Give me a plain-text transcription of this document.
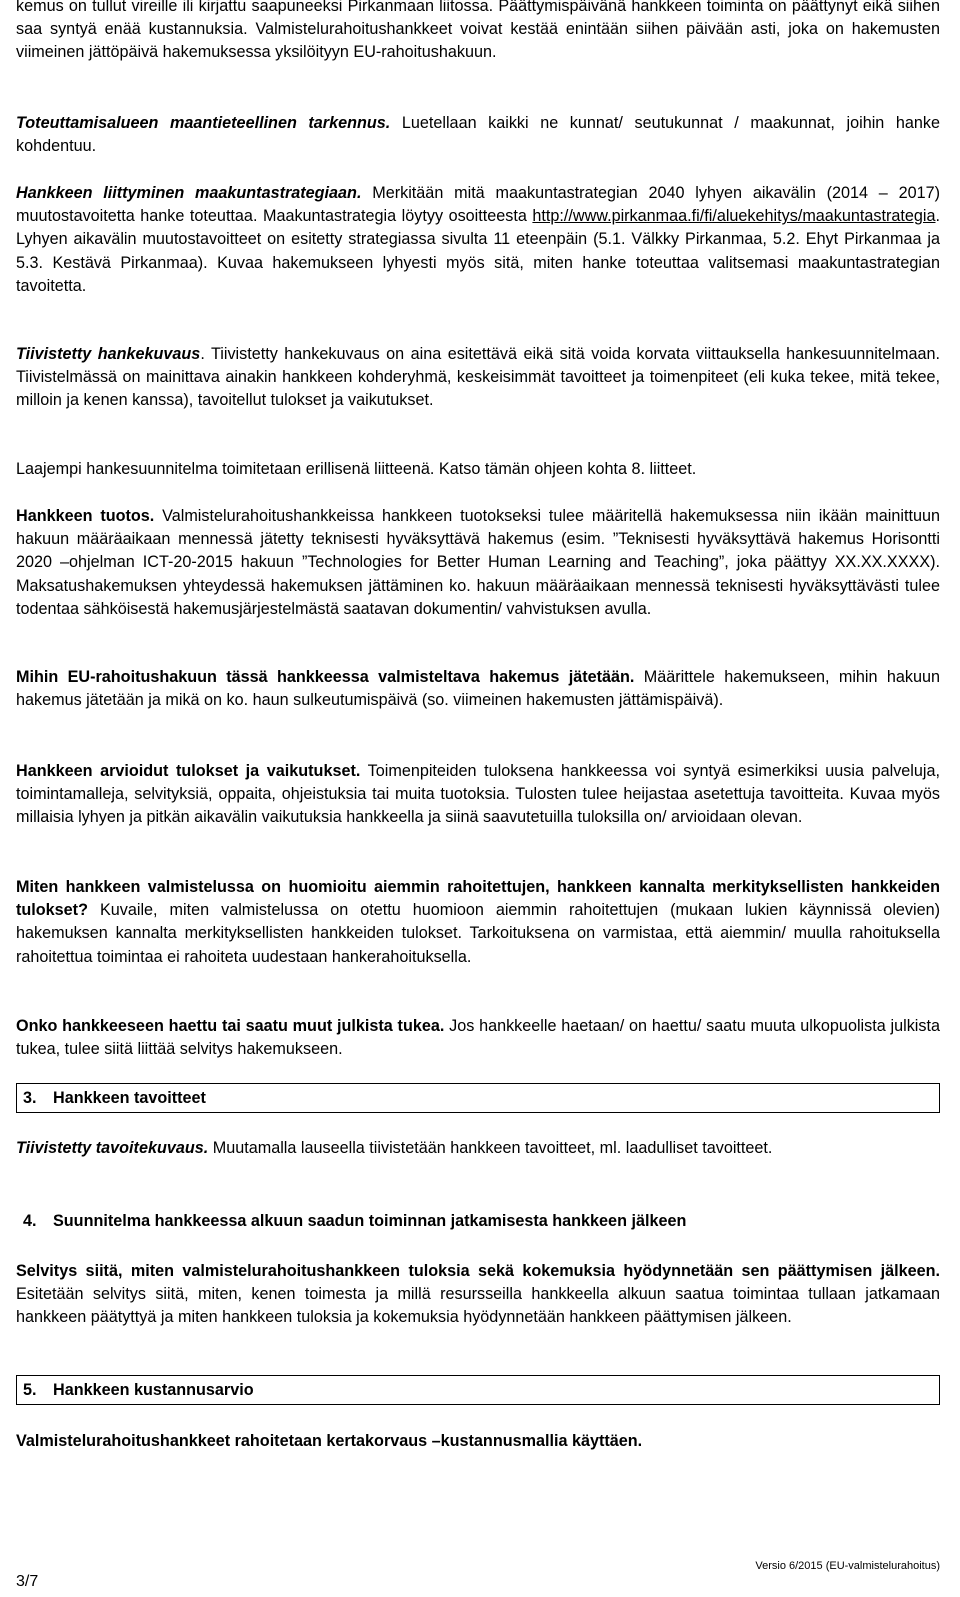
kemus on tullut vireille ili kirjattu saapuneeksi Pirkanmaan liitossa. Päättymispäivänä hankkeen toiminta on päättynyt eikä siihen saa syntyä enää kustannuksia. Valmistelurahoitushankkeet voivat kestää enintään siihen päivään asti, joka on hakemusten viimeinen jättöpäivä hakemuksessa yksilöityyn EU-rahoitushakuun.

Toteuttamisalueen maantieteellinen tarkennus. Luetellaan kaikki ne kunnat/ seutukunnat / maakunnat, joihin hanke kohdentuu.

Hankkeen liittyminen maakuntastrategiaan. Merkitään mitä maakuntastrategian 2040 lyhyen aikavälin (2014 – 2017) muutostavoitetta hanke toteuttaa. Maakuntastrategia löytyy osoitteesta http://www.pirkanmaa.fi/fi/aluekehitys/maakuntastrategia. Lyhyen aikavälin muutostavoitteet on esitetty strategiassa sivulta 11 eteenpäin (5.1. Välkky Pirkanmaa, 5.2. Ehyt Pirkanmaa ja 5.3. Kestävä Pirkanmaa). Kuvaa hakemukseen lyhyesti myös sitä, miten hanke toteuttaa valitsemasi maakuntastrategian tavoitetta.

Tiivistetty hankekuvaus. Tiivistetty hankekuvaus on aina esitettävä eikä sitä voida korvata viittauksella hankesuunnitelmaan. Tiivistelmässä on mainittava ainakin hankkeen kohderyhmä, keskeisimmät tavoitteet ja toimenpiteet (eli kuka tekee, mitä tekee, milloin ja kenen kanssa), tavoitellut tulokset ja vaikutukset.

Laajempi hankesuunnitelma toimitetaan erillisenä liitteenä. Katso tämän ohjeen kohta 8. liitteet.

Hankkeen tuotos. Valmistelurahoitushankkeissa hankkeen tuotokseksi tulee määritellä hakemuksessa niin ikään mainittuun hakuun määräaikaan mennessä jätetty teknisesti hyväksyttävä hakemus (esim. ”Teknisesti hyväksyttävä hakemus Horisontti 2020 –ohjelman ICT-20-2015 hakuun ”Technologies for Better Human Learning and Teaching”, joka päättyy XX.XX.XXXX). Maksatushakemuksen yhteydessä hakemuksen jättäminen ko. hakuun määräaikaan mennessä teknisesti hyväksyttävästi tulee todentaa sähköisestä hakemusjärjestelmästä saatavan dokumentin/ vahvistuksen avulla.

Mihin EU-rahoitushakuun tässä hankkeessa valmisteltava hakemus jätetään. Määrittele hakemukseen, mihin hakuun hakemus jätetään ja mikä on ko. haun sulkeutumispäivä (so. viimeinen hakemusten jättämispäivä).

Hankkeen arvioidut tulokset ja vaikutukset. Toimenpiteiden tuloksena hankkeessa voi syntyä esimerkiksi uusia palveluja, toimintamalleja, selvityksiä, oppaita, ohjeistuksia tai muita tuotoksia. Tulosten tulee heijastaa asetettuja tavoitteita. Kuvaa myös millaisia lyhyen ja pitkän aikavälin vaikutuksia hankkeella ja siinä saavutetuilla tuloksilla on/ arvioidaan olevan.

Miten hankkeen valmistelussa on huomioitu aiemmin rahoitettujen, hankkeen kannalta merkityksellisten hankkeiden tulokset? Kuvaile, miten valmistelussa on otettu huomioon aiemmin rahoitettujen (mukaan lukien käynnissä olevien) hakemuksen kannalta merkityksellisten hankkeiden tulokset. Tarkoituksena on varmistaa, että aiemmin/ muulla rahoituksella rahoitettua toimintaa ei rahoiteta uudestaan hankerahoituksella.

Onko hankkeeseen haettu tai saatu muut julkista tukea. Jos hankkeelle haetaan/ on haettu/ saatu muuta ulkopuolista julkista tukea, tulee siitä liittää selvitys hakemukseen.

3.	Hankkeen tavoitteet

Tiivistetty tavoitekuvaus. Muutamalla lauseella tiivistetään hankkeen tavoitteet, ml. laadulliset tavoitteet.

4.	Suunnitelma hankkeessa alkuun saadun toiminnan jatkamisesta hankkeen jälkeen

Selvitys siitä, miten valmistelurahoitushankkeen tuloksia sekä kokemuksia hyödynnetään sen päättymisen jälkeen. Esitetään selvitys siitä, miten, kenen toimesta ja millä resursseilla hankkeella alkuun saatua toimintaa tullaan jatkamaan hankkeen päätyttyä ja miten hankkeen tuloksia ja kokemuksia hyödynnetään hankkeen päättymisen jälkeen.

5.	Hankkeen kustannusarvio

Valmistelurahoitushankkeet rahoitetaan kertakorvaus –kustannusmallia käyttäen.

3/7
Versio 6/2015 (EU-valmistelurahoitus)
